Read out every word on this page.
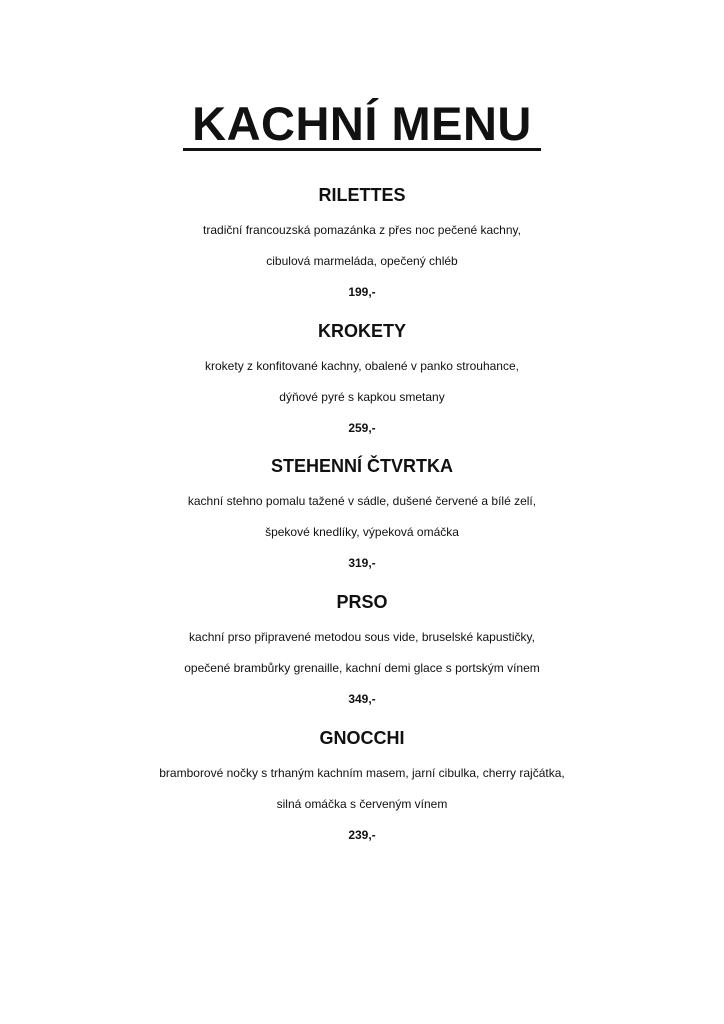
KACHNÍ MENU
RILETTES
tradiční francouzská pomazánka z přes noc pečené kachny,
cibulová marmeláda, opečený chléb
199,-
KROKETY
krokety z konfitované kachny, obalené v panko strouhance,
dýňové pyré s kapkou smetany
259,-
STEHENNÍ ČTVRTKA
kachní stehno pomalu tažené v sádle, dušené červené a bílé zelí,
špekové knedlíky, výpeková omáčka
319,-
PRSO
kachní prso připravené metodou sous vide, bruselské kapustičky,
opečené brambůrky grenaille, kachní demi glace s portským vínem
349,-
GNOCCHI
bramborové nočky s trhaným kachním masem, jarní cibulka, cherry rajčátka,
silná omáčka s červeným vínem
239,-
